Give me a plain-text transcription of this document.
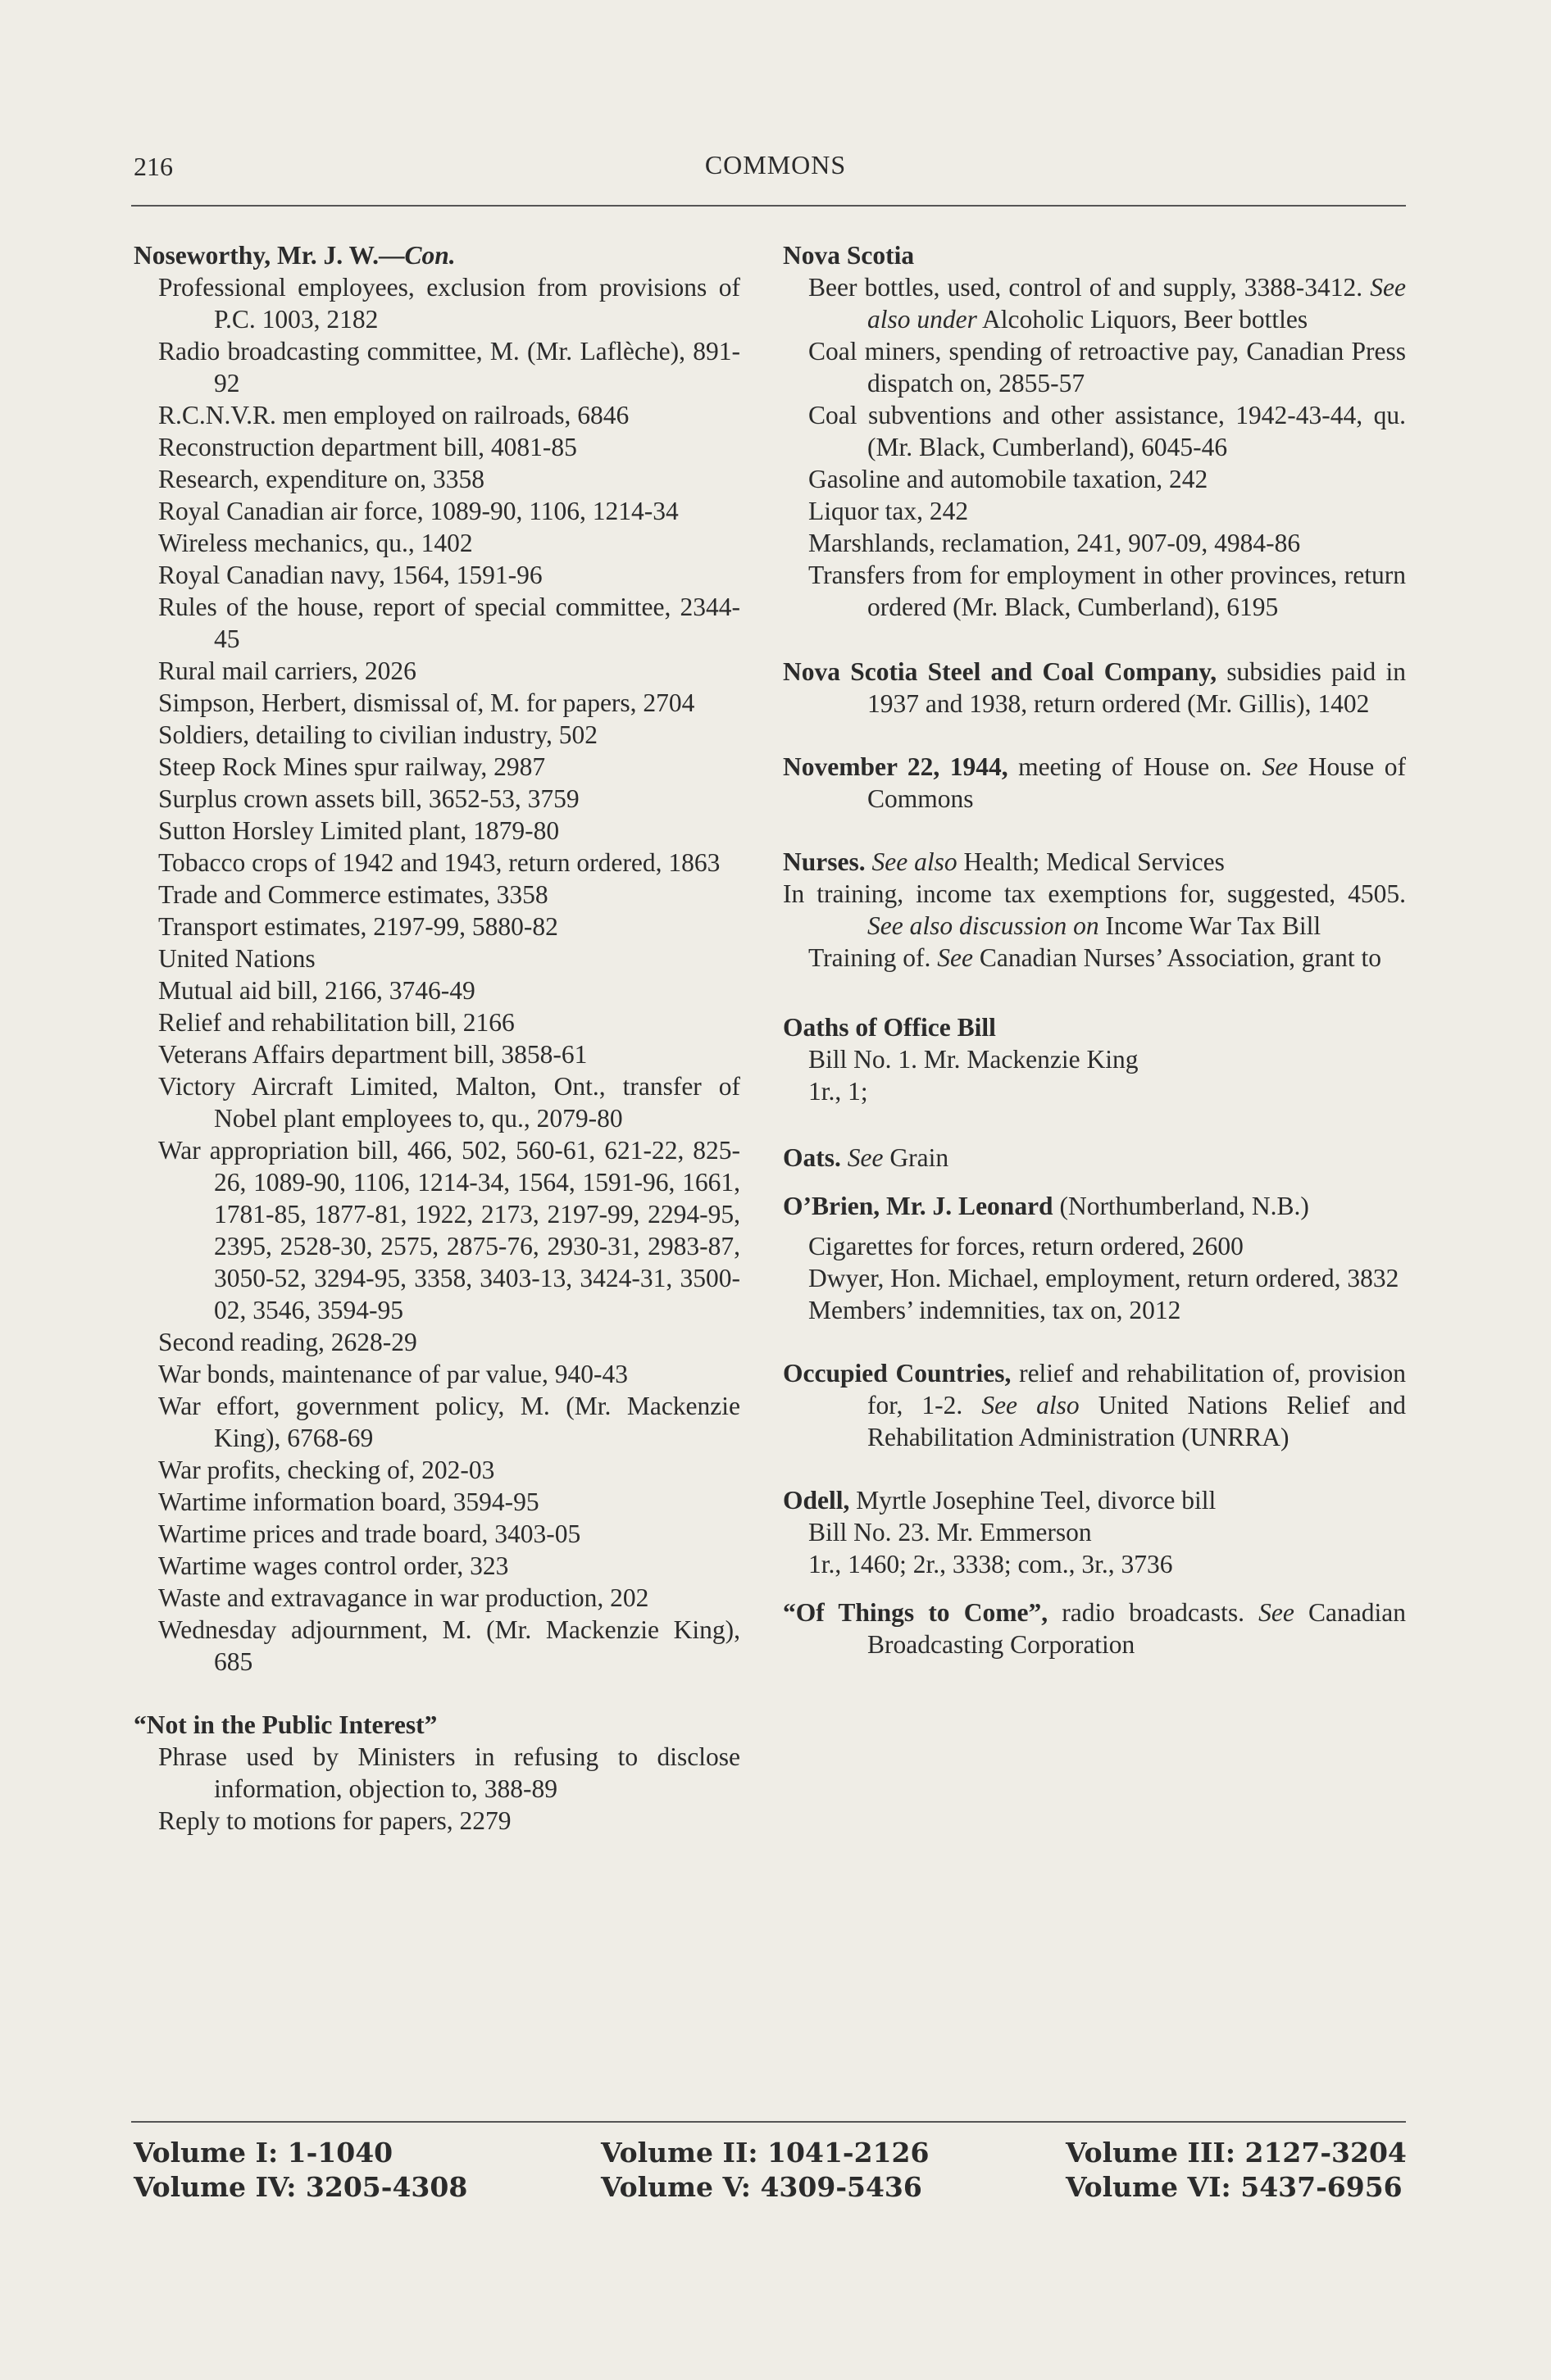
216	COMMONS

Noseworthy, Mr. J. W.—Con.

Professional employees, exclusion from provisions of P.C. 1003, 2182

Radio broadcasting committee, M. (Mr. Laflèche), 891-92

R.C.N.V.R. men employed on railroads, 6846

Reconstruction department bill, 4081-85

Research, expenditure on, 3358

Royal Canadian air force, 1089-90, 1106, 1214-34

Wireless mechanics, qu., 1402

Royal Canadian navy, 1564, 1591-96

Rules of the house, report of special committee, 2344-45

Rural mail carriers, 2026

Simpson, Herbert, dismissal of, M. for papers, 2704

Soldiers, detailing to civilian industry, 502

Steep Rock Mines spur railway, 2987

Surplus crown assets bill, 3652-53, 3759

Sutton Horsley Limited plant, 1879-80

Tobacco crops of 1942 and 1943, return ordered, 1863

Trade and Commerce estimates, 3358

Transport estimates, 2197-99, 5880-82

United Nations

Mutual aid bill, 2166, 3746-49

Relief and rehabilitation bill, 2166

Veterans Affairs department bill, 3858-61

Victory Aircraft Limited, Malton, Ont., transfer of Nobel plant employees to, qu., 2079-80

War appropriation bill, 466, 502, 560-61, 621-22, 825-26, 1089-90, 1106, 1214-34, 1564, 1591-96, 1661, 1781-85, 1877-81, 1922, 2173, 2197-99, 2294-95, 2395, 2528-30, 2575, 2875-76, 2930-31, 2983-87, 3050-52, 3294-95, 3358, 3403-13, 3424-31, 3500-02, 3546, 3594-95

Second reading, 2628-29

War bonds, maintenance of par value, 940-43

War effort, government policy, M. (Mr. Mackenzie King), 6768-69

War profits, checking of, 202-03

Wartime information board, 3594-95

Wartime prices and trade board, 3403-05

Wartime wages control order, 323

Waste and extravagance in war production, 202

Wednesday adjournment, M. (Mr. Mackenzie King), 685

“Not in the Public Interest”

Phrase used by Ministers in refusing to disclose information, objection to, 388-89

Reply to motions for papers, 2279

Nova Scotia

Beer bottles, used, control of and supply, 3388-3412. See also under Alcoholic Liquors, Beer bottles

Coal miners, spending of retroactive pay, Canadian Press dispatch on, 2855-57

Coal subventions and other assistance, 1942-43-44, qu. (Mr. Black, Cumberland), 6045-46

Gasoline and automobile taxation, 242

Liquor tax, 242

Marshlands, reclamation, 241, 907-09, 4984-86

Transfers from for employment in other provinces, return ordered (Mr. Black, Cumberland), 6195

Nova Scotia Steel and Coal Company, subsidies paid in 1937 and 1938, return ordered (Mr. Gillis), 1402

November 22, 1944, meeting of House on. See House of Commons

Nurses. See also Health; Medical Services

In training, income tax exemptions for, suggested, 4505. See also discussion on Income War Tax Bill

Training of. See Canadian Nurses’ Association, grant to

Oaths of Office Bill

Bill No. 1. Mr. Mackenzie King

1r., 1;

Oats. See Grain

O’Brien, Mr. J. Leonard (Northumberland, N.B.)

Cigarettes for forces, return ordered, 2600

Dwyer, Hon. Michael, employment, return ordered, 3832

Members’ indemnities, tax on, 2012

Occupied Countries, relief and rehabilitation of, provision for, 1-2. See also United Nations Relief and Rehabilitation Administration (UNRRA)

Odell, Myrtle Josephine Teel, divorce bill

Bill No. 23. Mr. Emmerson

1r., 1460; 2r., 3338; com., 3r., 3736

“Of Things to Come”, radio broadcasts. See Canadian Broadcasting Corporation

Volume I: 1-1040
Volume IV: 3205-4308
Volume II: 1041-2126
Volume V: 4309-5436
Volume III: 2127-3204
Volume VI: 5437-6956
